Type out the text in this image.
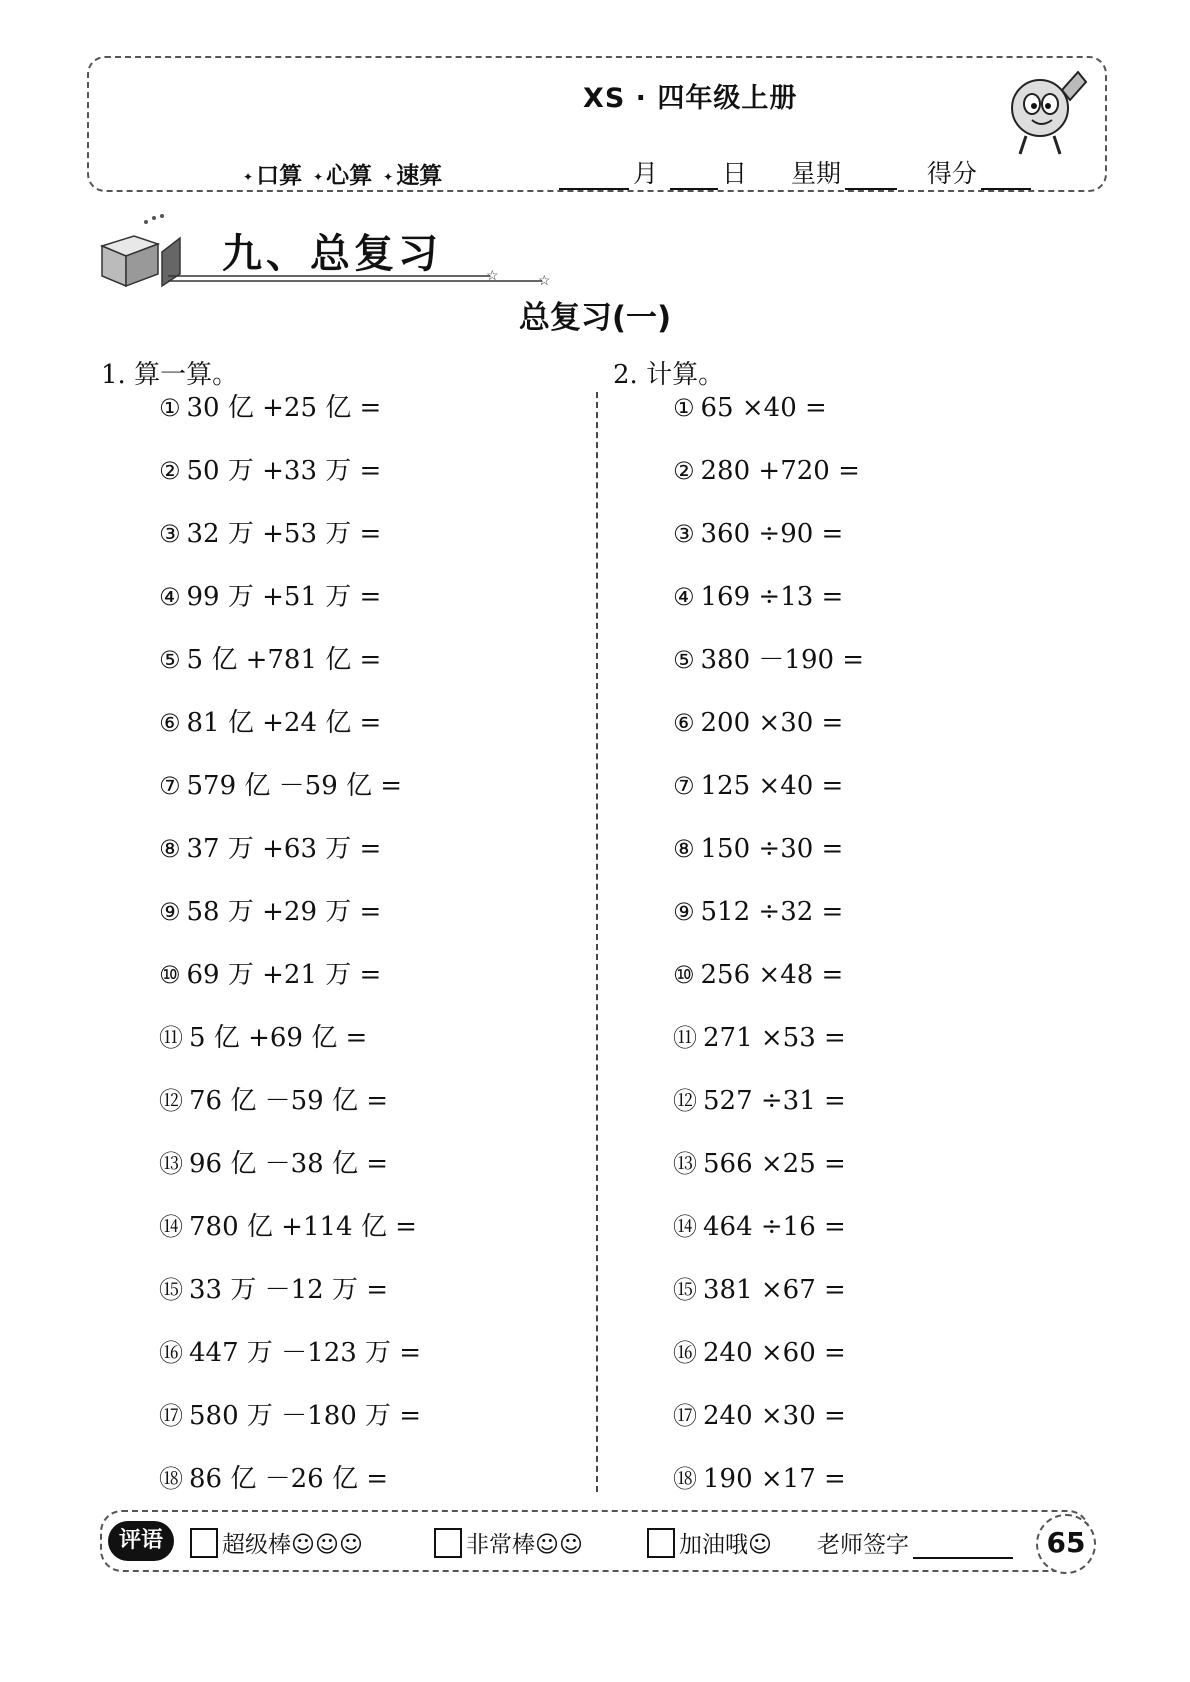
XS · 四年级上册
✦ 口算 ✦ 心算 ✦ 速算	月	日 星期	得分
九、总复习	☆	☆
总复习(一)
1. 算一算。	2. 计算。
① 30 亿 +25 亿 =
② 50 万 +33 万 =
③ 32 万 +53 万 =
④ 99 万 +51 万 =
⑤ 5 亿 +781 亿 =
⑥ 81 亿 +24 亿 =
⑦ 579 亿 －59 亿 =
⑧ 37 万 +63 万 =
⑨ 58 万 +29 万 =
⑩ 69 万 +21 万 =
⑪ 5 亿 +69 亿 =
⑫ 76 亿 －59 亿 =
⑬ 96 亿 －38 亿 =
⑭ 780 亿 +114 亿 =
⑮ 33 万 －12 万 =
⑯ 447 万 －123 万 =
⑰ 580 万 －180 万 =
⑱ 86 亿 －26 亿 =
① 65 ×40 =
② 280 +720 =
③ 360 ÷90 =
④ 169 ÷13 =
⑤ 380 －190 =
⑥ 200 ×30 =
⑦ 125 ×40 =
⑧ 150 ÷30 =
⑨ 512 ÷32 =
⑩ 256 ×48 =
⑪ 271 ×53 =
⑫ 527 ÷31 =
⑬ 566 ×25 =
⑭ 464 ÷16 =
⑮ 381 ×67 =
⑯ 240 ×60 =
⑰ 240 ×30 =
⑱ 190 ×17 =
评语	超级棒☺☺☺	非常棒☺☺	加油哦☺ 老师签字	65
